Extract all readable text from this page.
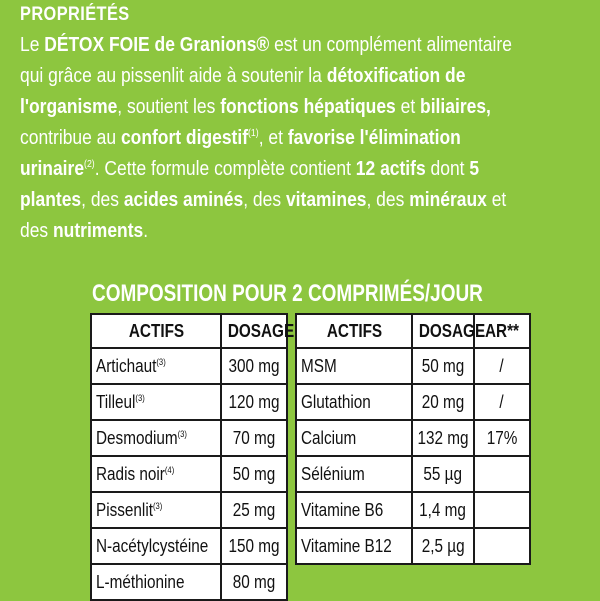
PROPRIÉTÉS
Le DÉTOX FOIE de Granions® est un complément alimentaire
qui grâce au pissenlit aide à soutenir la détoxification de
l'organisme, soutient les fonctions hépatiques et biliaires,
contribue au confort digestif$^{(1)}$, et favorise l'élimination
urinaire$^{(2)}$. Cette formule complète contient 12 actifs dont 5
plantes, des acides aminés, des vitamines, des minéraux et
des nutriments.
COMPOSITION POUR 2 COMPRIMÉS/JOUR
ACTIFS	DOSAGE
Artichaut$^{(3)}$	300 mg
Tilleul$^{(3)}$	120 mg
Desmodium$^{(3)}$	70 mg
Radis noir$^{(4)}$	50 mg
Pissenlit$^{(3)}$	25 mg
N-acétylcystéine	150 mg
L-méthionine	80 mg
ACTIFS	DOSAGE	AR**
MSM	50 mg	/
Glutathion	20 mg	/
Calcium	132 mg	17%
Sélénium	55 µg	
Vitamine B6	1,4 mg	
Vitamine B12	2,5 µg	
